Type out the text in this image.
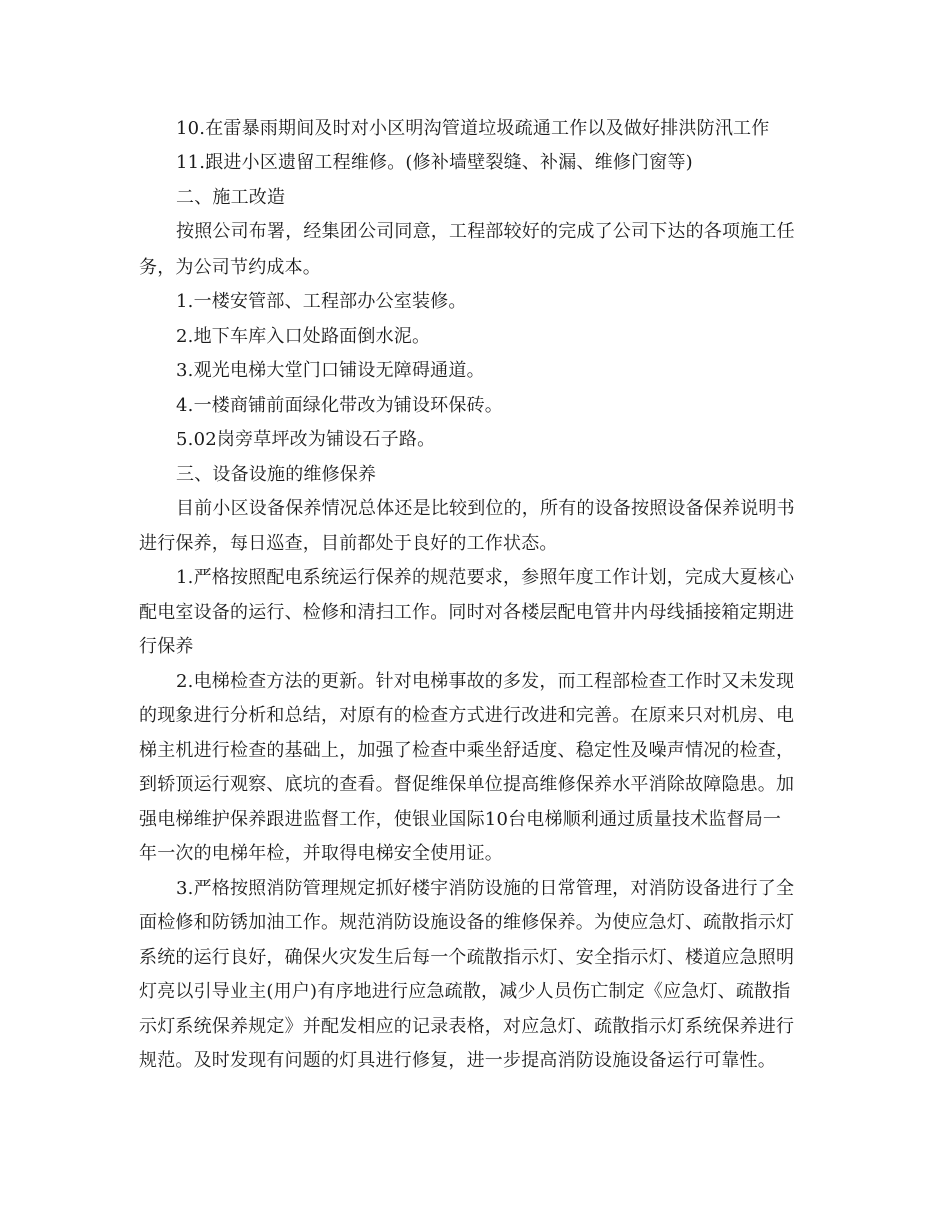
10.在雷暴雨期间及时对小区明沟管道垃圾疏通工作以及做好排洪防汛工作
11.跟进小区遗留工程维修。(修补墙壁裂缝、补漏、维修门窗等)
二、施工改造
按照公司布署，经集团公司同意，工程部较好的完成了公司下达的各项施工任
务，为公司节约成本。
1.一楼安管部、工程部办公室装修。
2.地下车库入口处路面倒水泥。
3.观光电梯大堂门口铺设无障碍通道。
4.一楼商铺前面绿化带改为铺设环保砖。
5.02岗旁草坪改为铺设石子路。
三、设备设施的维修保养
目前小区设备保养情况总体还是比较到位的，所有的设备按照设备保养说明书
进行保养，每日巡查，目前都处于良好的工作状态。
1.严格按照配电系统运行保养的规范要求，参照年度工作计划，完成大夏核心
配电室设备的运行、检修和清扫工作。同时对各楼层配电管井内母线插接箱定期进
行保养
2.电梯检查方法的更新。针对电梯事故的多发，而工程部检查工作时又未发现
的现象进行分析和总结，对原有的检查方式进行改进和完善。在原来只对机房、电
梯主机进行检查的基础上，加强了检查中乘坐舒适度、稳定性及噪声情况的检查，
到轿顶运行观察、底坑的查看。督促维保单位提高维修保养水平消除故障隐患。加
强电梯维护保养跟进监督工作，使银业国际10台电梯顺利通过质量技术监督局一
年一次的电梯年检，并取得电梯安全使用证。
3.严格按照消防管理规定抓好楼宇消防设施的日常管理，对消防设备进行了全
面检修和防锈加油工作。规范消防设施设备的维修保养。为使应急灯、疏散指示灯
系统的运行良好，确保火灾发生后每一个疏散指示灯、安全指示灯、楼道应急照明
灯亮以引导业主(用户)有序地进行应急疏散，减少人员伤亡制定《应急灯、疏散指
示灯系统保养规定》并配发相应的记录表格，对应急灯、疏散指示灯系统保养进行
规范。及时发现有问题的灯具进行修复，进一步提高消防设施设备运行可靠性。
